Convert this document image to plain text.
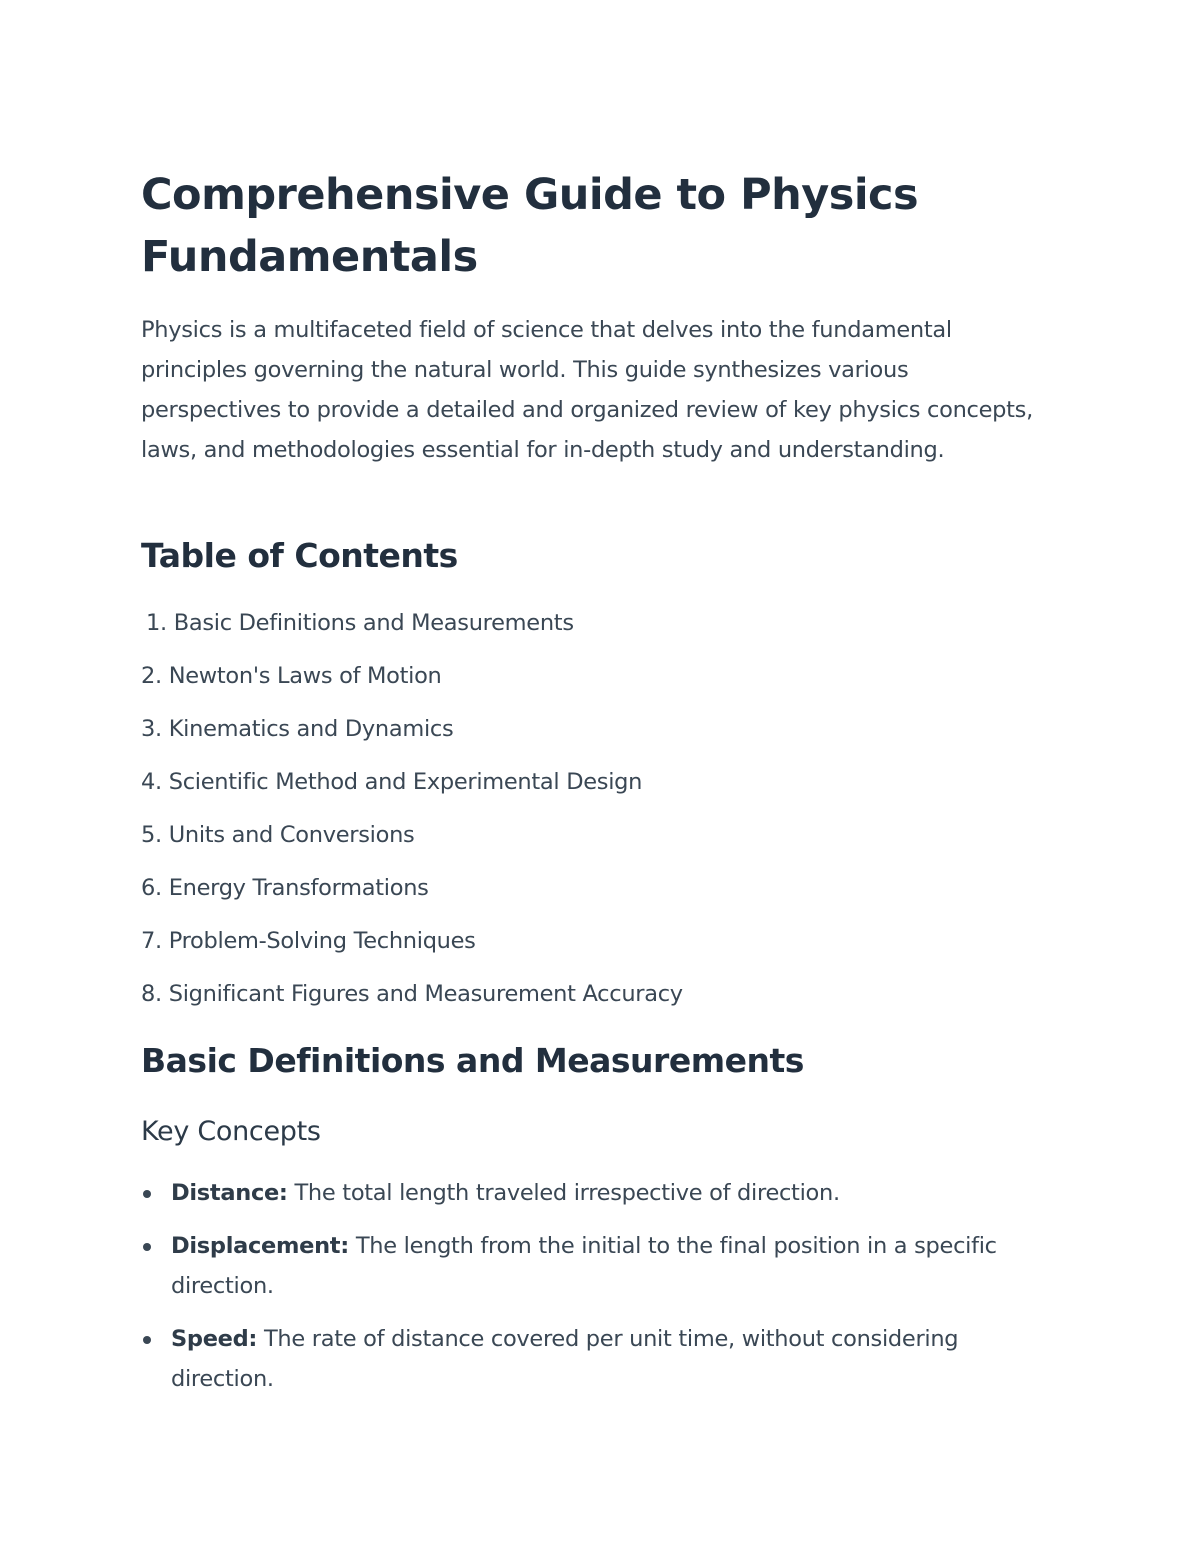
Comprehensive Guide to Physics Fundamentals

Physics is a multifaceted field of science that delves into the fundamental principles governing the natural world. This guide synthesizes various perspectives to provide a detailed and organized review of key physics concepts, laws, and methodologies essential for in-depth study and understanding.

Table of Contents
1. Basic Definitions and Measurements
2. Newton's Laws of Motion
3. Kinematics and Dynamics
4. Scientific Method and Experimental Design
5. Units and Conversions
6. Energy Transformations
7. Problem-Solving Techniques
8. Significant Figures and Measurement Accuracy
Basic Definitions and Measurements
Key Concepts
Distance: The total length traveled irrespective of direction.
Displacement: The length from the initial to the final position in a specific direction.
Speed: The rate of distance covered per unit time, without considering direction.
